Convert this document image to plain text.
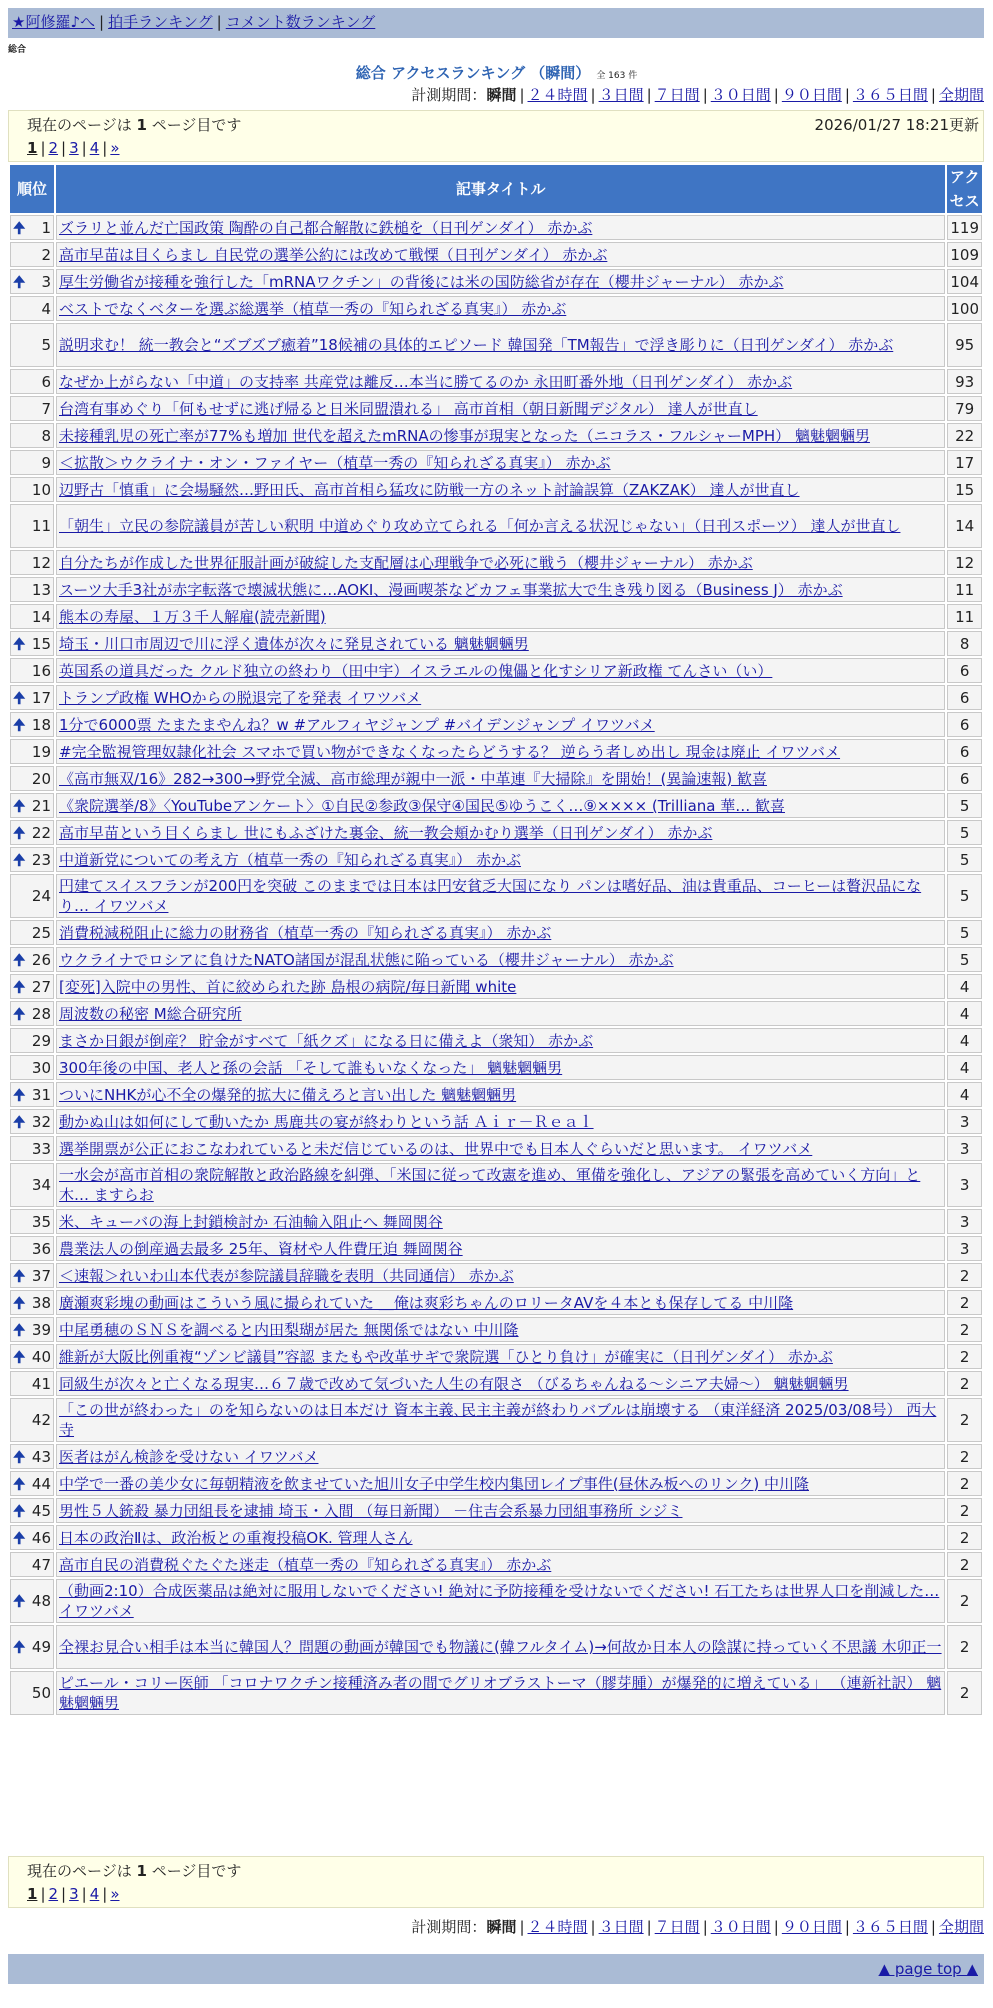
★阿修羅♪へ | 拍手ランキング | コメント数ランキング
総合
総合 アクセスランキング （瞬間） 全 163 件
計測期間：瞬間 | ２４時間 | ３日間 | ７日間 | ３０日間 | ９０日間 | ３６５日間 | 全期間
現在のページは 1 ページ目です	2026/01/27 18:21更新
1 | 2 | 3 | 4 | »
順位	記事タイトル	アクセス

🠉 1	ズラリと並んだ亡国政策 陶酔の自己都合解散に鉄槌を（日刊ゲンダイ） 赤かぶ	119
2	高市早苗は目くらまし 自民党の選挙公約には改めて戦慄（日刊ゲンダイ） 赤かぶ	109

🠉 3	厚生労働省が接種を強行した「mRNAワクチン」の背後には米の国防総省が存在（櫻井ジャーナル） 赤かぶ	104
4	ベストでなくベターを選ぶ総選挙（植草一秀の『知られざる真実』） 赤かぶ	100
5	説明求む！ 統一教会と“ズブズブ癒着”18候補の具体的エピソード 韓国発「TM報告」で浮き彫りに（日刊ゲンダイ） 赤かぶ	95
6	なぜか上がらない「中道」の支持率 共産党は離反…本当に勝てるのか 永田町番外地（日刊ゲンダイ） 赤かぶ	93
7	台湾有事めぐり「何もせずに逃げ帰ると日米同盟潰れる」 高市首相（朝日新聞デジタル） 達人が世直し	79
8	未接種乳児の死亡率が77%も増加 世代を超えたmRNAの惨事が現実となった（ニコラス・フルシャーMPH） 魑魅魍魎男	22
9	＜拡散＞ウクライナ・オン・ファイヤー（植草一秀の『知られざる真実』） 赤かぶ	17
10	辺野古「慎重」に会場騒然…野田氏、高市首相ら猛攻に防戦一方のネット討論誤算（ZAKZAK） 達人が世直し	15
11	「朝生」立民の参院議員が苦しい釈明 中道めぐり攻め立てられる「何か言える状況じゃない」（日刊スポーツ） 達人が世直し	14
12	自分たちが作成した世界征服計画が破綻した支配層は心理戦争で必死に戦う（櫻井ジャーナル） 赤かぶ	12
13	スーツ大手3社が赤字転落で壊滅状態に…AOKI、漫画喫茶などカフェ事業拡大で生き残り図る（Business J） 赤かぶ	11
14	熊本の寿屋、１万３千人解雇(読売新聞)	11

🠉 15	埼玉・川口市周辺で川に浮く遺体が次々に発見されている 魑魅魍魎男	8
16	英国系の道具だった クルド独立の終わり（田中宇）イスラエルの傀儡と化すシリア新政権 てんさい（い）	6

🠉 17	トランプ政権 WHOからの脱退完了を発表 イワツバメ	6

🠉 18	1分で6000票 たまたまやんね？w #アルフィヤジャンプ #バイデンジャンプ イワツバメ	6
19	#完全監視管理奴隷化社会 スマホで買い物ができなくなったらどうする？ 逆らう者しめ出し 現金は廃止 イワツバメ	6
20	《高市無双/16》282→300→野党全滅、高市総理が親中一派・中革連『大掃除』を開始！(異論速報) 歓喜	6

🠉 21	《衆院選挙/8》〈YouTubeアンケート〉①自民②参政③保守④国民⑤ゆうこく…⑨×××× (Trilliana 華… 歓喜	5

🠉 22	高市早苗という目くらまし 世にもふざけた裏金、統一教会頬かむり選挙（日刊ゲンダイ） 赤かぶ	5

🠉 23	中道新党についての考え方（植草一秀の『知られざる真実』） 赤かぶ	5
24	円建てスイスフランが200円を突破 このままでは日本は円安貧乏大国になり パンは嗜好品、油は貴重品、コーヒーは贅沢品になり… イワツバメ	5
25	消費税減税阻止に総力の財務省（植草一秀の『知られざる真実』） 赤かぶ	5

🠉 26	ウクライナでロシアに負けたNATO諸国が混乱状態に陥っている（櫻井ジャーナル） 赤かぶ	5

🠉 27	[変死]入院中の男性、首に絞められた跡 島根の病院/毎日新聞 white	4

🠉 28	周波数の秘密 M総合研究所	4
29	まさか日銀が倒産？ 貯金がすべて「紙クズ」になる日に備えよ（衆知） 赤かぶ	4
30	300年後の中国、老人と孫の会話 「そして誰もいなくなった」 魑魅魍魎男	4

🠉 31	ついにNHKが心不全の爆発的拡大に備えろと言い出した 魑魅魍魎男	4

🠉 32	動かぬ山は如何にして動いたか 馬鹿共の宴が終わりという話 Ａｉｒ－Ｒｅａｌ	3
33	選挙開票が公正におこなわれていると未だ信じているのは、世界中でも日本人ぐらいだと思います。 イワツバメ	3
34	一水会が高市首相の衆院解散と政治路線を糾弾、「米国に従って改憲を進め、軍備を強化し、アジアの緊張を高めていく方向」と木… ますらお	3
35	米、キューバの海上封鎖検討か 石油輸入阻止へ 舞岡関谷	3
36	農業法人の倒産過去最多 25年、資材や人件費圧迫 舞岡関谷	3

🠉 37	＜速報＞れいわ山本代表が参院議員辞職を表明（共同通信） 赤かぶ	2

🠉 38	廣瀬爽彩塊の動画はこういう風に撮られていた ＿俺は爽彩ちゃんのロリータAVを４本とも保存してる 中川隆	2

🠉 39	中尾勇穂のＳＮＳを調べると内田梨瑚が居た 無関係ではない 中川隆	2

🠉 40	維新が大阪比例重複“ゾンビ議員”容認 またもや改革サギで衆院選「ひとり負け」が確実に（日刊ゲンダイ） 赤かぶ	2
41	同級生が次々と亡くなる現実…６７歳で改めて気づいた人生の有限さ （びるちゃんねる〜シニア夫婦〜） 魑魅魍魎男	2
42	「この世が終わった」のを知らないのは日本だけ 資本主義､民主主義が終わりバブルは崩壊する （東洋経済 2025/03/08号） 西大寺	2

🠉 43	医者はがん検診を受けない イワツバメ	2

🠉 44	中学で一番の美少女に毎朝精液を飲ませていた旭川女子中学生校内集団レイプ事件(昼休み板へのリンク) 中川隆	2

🠉 45	男性５人銃殺 暴力団組長を逮捕 埼玉・入間 （毎日新聞） －住吉会系暴力団組事務所 シジミ	2

🠉 46	日本の政治Ⅱは、政治板との重複投稿OK. 管理人さん	2
47	高市自民の消費税ぐたぐた迷走（植草一秀の『知られざる真実』） 赤かぶ	2

🠉 48	（動画2:10）合成医薬品は絶対に服用しないでください! 絶対に予防接種を受けないでください! 石工たちは世界人口を削減した… イワツバメ	2

🠉 49	全裸お見合い相手は本当に韓国人？問題の動画が韓国でも物議に(韓フルタイム)→何故か日本人の陰謀に持っていく不思議 木卯正一	2
50	ピエール・コリー医師 「コロナワクチン接種済み者の間でグリオブラストーマ（膠芽腫）が爆発的に増えている」 （連新社訳） 魑魅魍魎男	2
現在のページは 1 ページ目です
1 | 2 | 3 | 4 | »
計測期間：瞬間 | ２４時間 | ３日間 | ７日間 | ３０日間 | ９０日間 | ３６５日間 | 全期間
▲ page top ▲
